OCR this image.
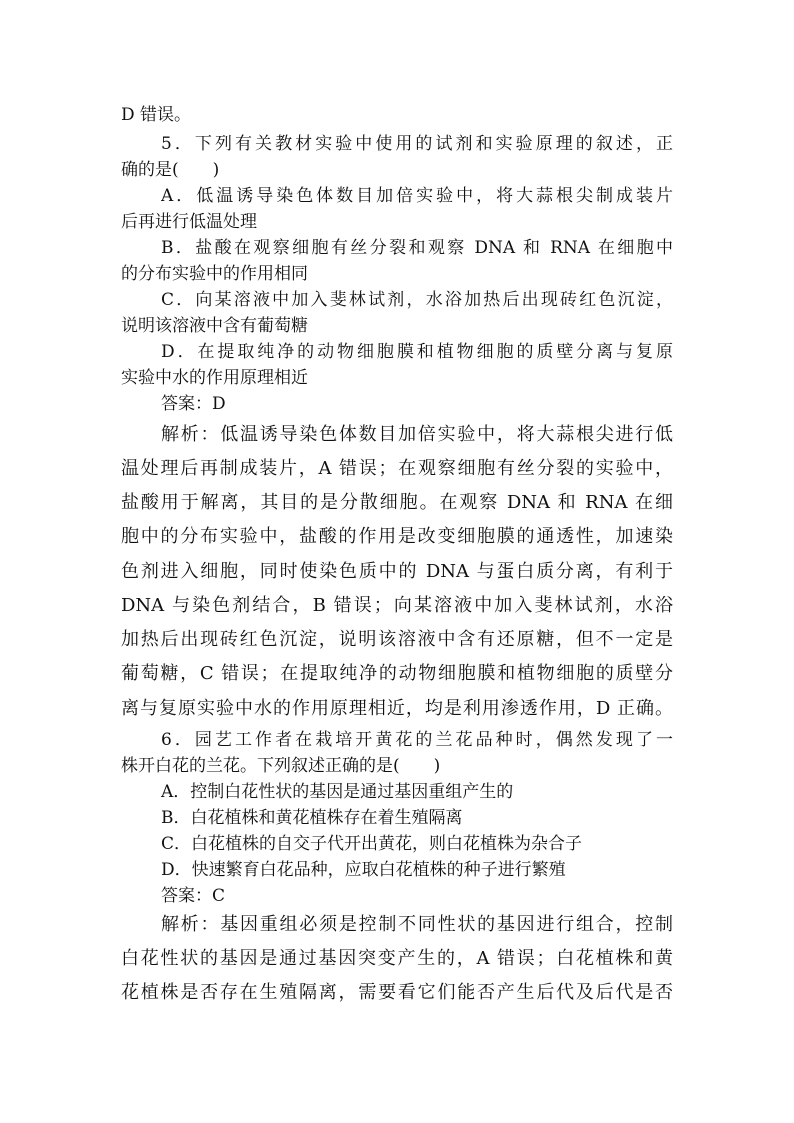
D 错误。
5．下列有关教材实验中使用的试剂和实验原理的叙述，正
确的是(　　)
A．低温诱导染色体数目加倍实验中，将大蒜根尖制成装片
后再进行低温处理
B．盐酸在观察细胞有丝分裂和观察 DNA 和 RNA 在细胞中
的分布实验中的作用相同
C．向某溶液中加入斐林试剂，水浴加热后出现砖红色沉淀，
说明该溶液中含有葡萄糖
D．在提取纯净的动物细胞膜和植物细胞的质壁分离与复原
实验中水的作用原理相近
答案：D
解析：低温诱导染色体数目加倍实验中，将大蒜根尖进行低
温处理后再制成装片，A 错误；在观察细胞有丝分裂的实验中，
盐酸用于解离，其目的是分散细胞。在观察 DNA 和 RNA 在细
胞中的分布实验中，盐酸的作用是改变细胞膜的通透性，加速染
色剂进入细胞，同时使染色质中的 DNA 与蛋白质分离，有利于
DNA 与染色剂结合，B 错误；向某溶液中加入斐林试剂，水浴
加热后出现砖红色沉淀，说明该溶液中含有还原糖，但不一定是
葡萄糖，C 错误；在提取纯净的动物细胞膜和植物细胞的质壁分
离与复原实验中水的作用原理相近，均是利用渗透作用，D 正确。
6．园艺工作者在栽培开黄花的兰花品种时，偶然发现了一
株开白花的兰花。下列叙述正确的是(　　)
A．控制白花性状的基因是通过基因重组产生的
B．白花植株和黄花植株存在着生殖隔离
C．白花植株的自交子代开出黄花，则白花植株为杂合子
D．快速繁育白花品种，应取白花植株的种子进行繁殖
答案：C
解析：基因重组必须是控制不同性状的基因进行组合，控制
白花性状的基因是通过基因突变产生的，A 错误；白花植株和黄
花植株是否存在生殖隔离，需要看它们能否产生后代及后代是否
